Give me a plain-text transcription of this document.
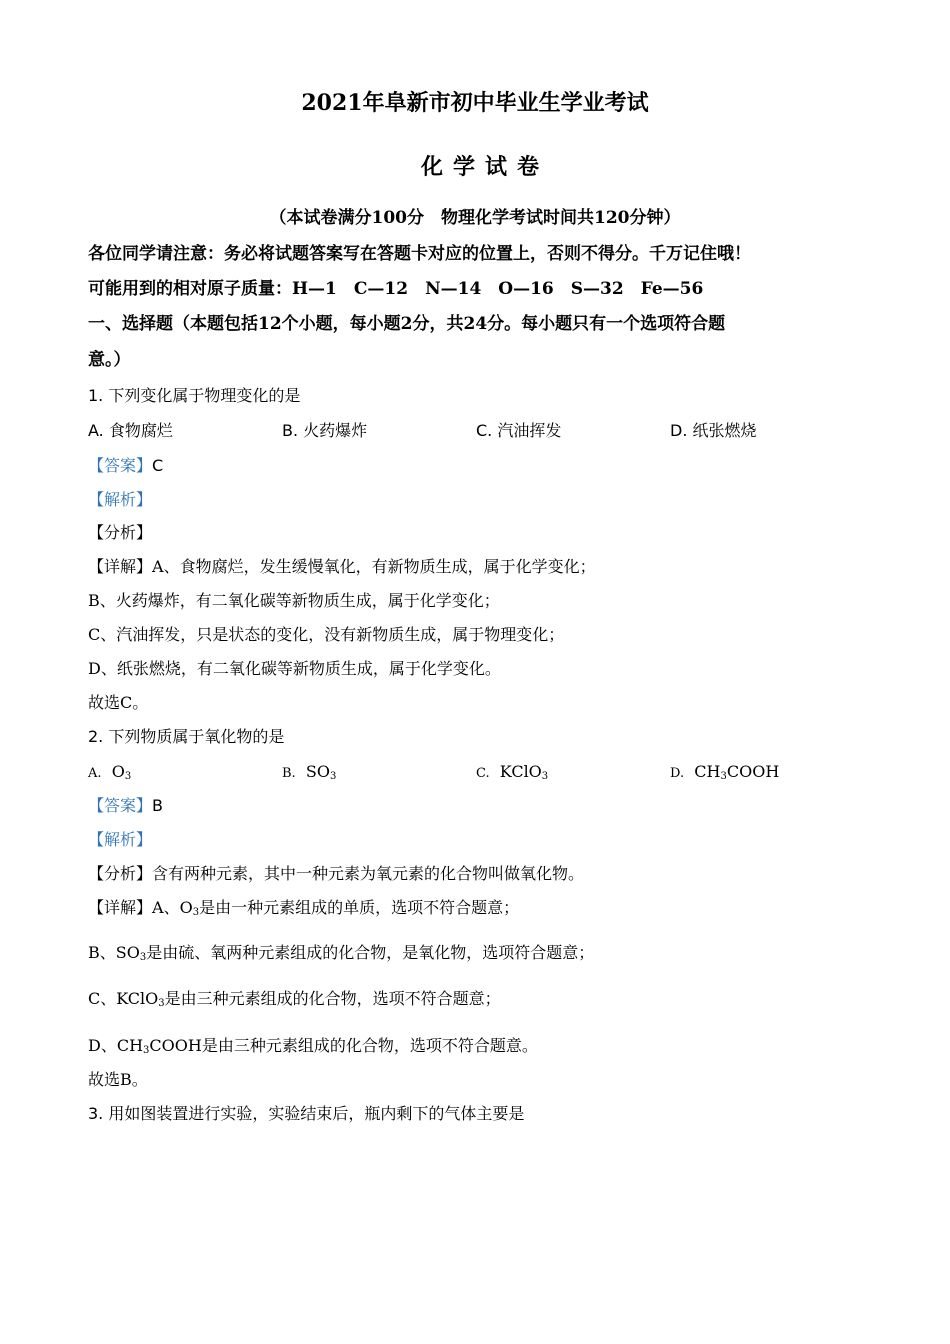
2021年阜新市初中毕业生学业考试
化学试卷
（本试卷满分100分　物理化学考试时间共120分钟）
各位同学请注意：务必将试题答案写在答题卡对应的位置上，否则不得分。千万记住哦！
可能用到的相对原子质量：H—1　C—12　N—14　O—16　S—32　Fe—56
一、选择题（本题包括12个小题，每小题2分，共24分。每小题只有一个选项符合题
意。）
1. 下列变化属于物理变化的是
A. 食物腐烂	B. 火药爆炸	C. 汽油挥发	D. 纸张燃烧
【答案】C
【解析】
【分析】
【详解】A、食物腐烂，发生缓慢氧化，有新物质生成，属于化学变化；
B、火药爆炸，有二氧化碳等新物质生成，属于化学变化；
C、汽油挥发，只是状态的变化，没有新物质生成，属于物理变化；
D、纸张燃烧，有二氧化碳等新物质生成，属于化学变化。
故选C。
2. 下列物质属于氧化物的是
A. $O_3$	B. $SO_3$	C. KClO$_3$	D. $CH_3COOH$
【答案】B
【解析】
【分析】含有两种元素，其中一种元素为氧元素的化合物叫做氧化物。
【详解】A、$O_3$是由一种元素组成的单质，选项不符合题意；
B、$SO_3$是由硫、氧两种元素组成的化合物，是氧化物，选项符合题意；
C、KClO$_3$是由三种元素组成的化合物，选项不符合题意；
D、$CH_3COOH$是由三种元素组成的化合物，选项不符合题意。
故选B。
3. 用如图装置进行实验，实验结束后，瓶内剩下的气体主要是
